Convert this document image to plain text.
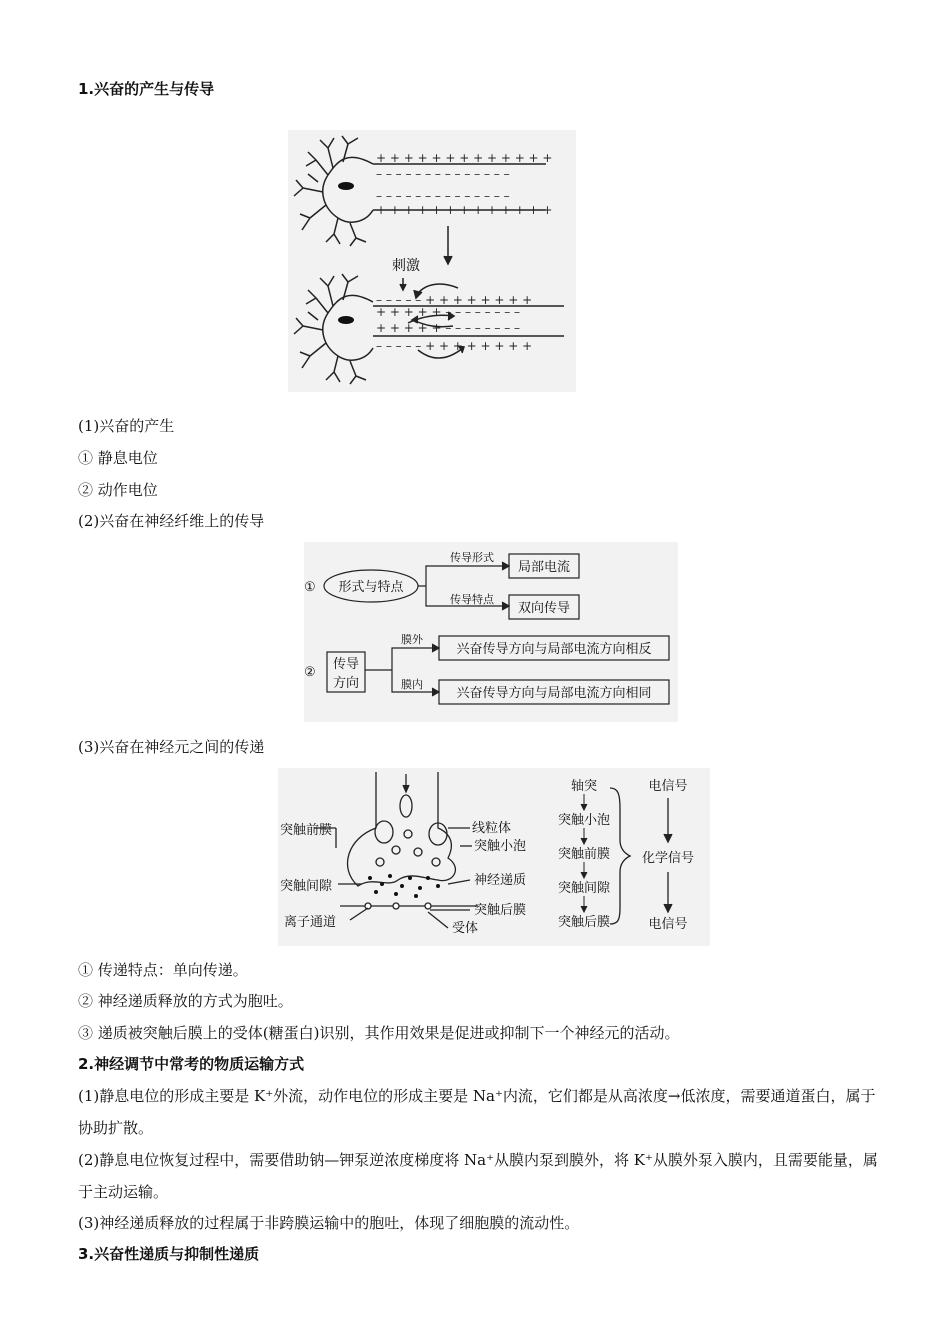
1.兴奋的产生与传导
+ + + + + + + + + + + + +
– – – – – – – – – – – – – –
– – – – – – – – – – – – – –
+ + + + + + + + + + + + +
– – – – – + + + + + + + +
+ + + + + – – – – – – – –
+ + + + + – – – – – – – –
– – – – – + + + + + + + +
刺激
(1)兴奋的产生
① 静息电位
② 动作电位
(2)兴奋在神经纤维上的传导
①
②
形式与特点
传导形式
传导特点
局部电流
双向传导
传导
方向
膜外
膜内
兴奋传导方向与局部电流方向相反
兴奋传导方向与局部电流方向相同
(3)兴奋在神经元之间的传递
突触前膜
突触间隙
离子通道
线粒体
突触小泡
神经递质
突触后膜
受体
轴突
突触小泡
突触前膜
突触间隙
突触后膜
电信号
化学信号
电信号
① 传递特点：单向传递。
② 神经递质释放的方式为胞吐。
③ 递质被突触后膜上的受体(糖蛋白)识别，其作用效果是促进或抑制下一个神经元的活动。
2.神经调节中常考的物质运输方式
(1)静息电位的形成主要是 K⁺外流，动作电位的形成主要是 Na⁺内流，它们都是从高浓度→低浓度，需要通道蛋白，属于协助扩散。
(2)静息电位恢复过程中，需要借助钠—钾泵逆浓度梯度将 Na⁺从膜内泵到膜外，将 K⁺从膜外泵入膜内，且需要能量，属于主动运输。
(3)神经递质释放的过程属于非跨膜运输中的胞吐，体现了细胞膜的流动性。
3.兴奋性递质与抑制性递质
